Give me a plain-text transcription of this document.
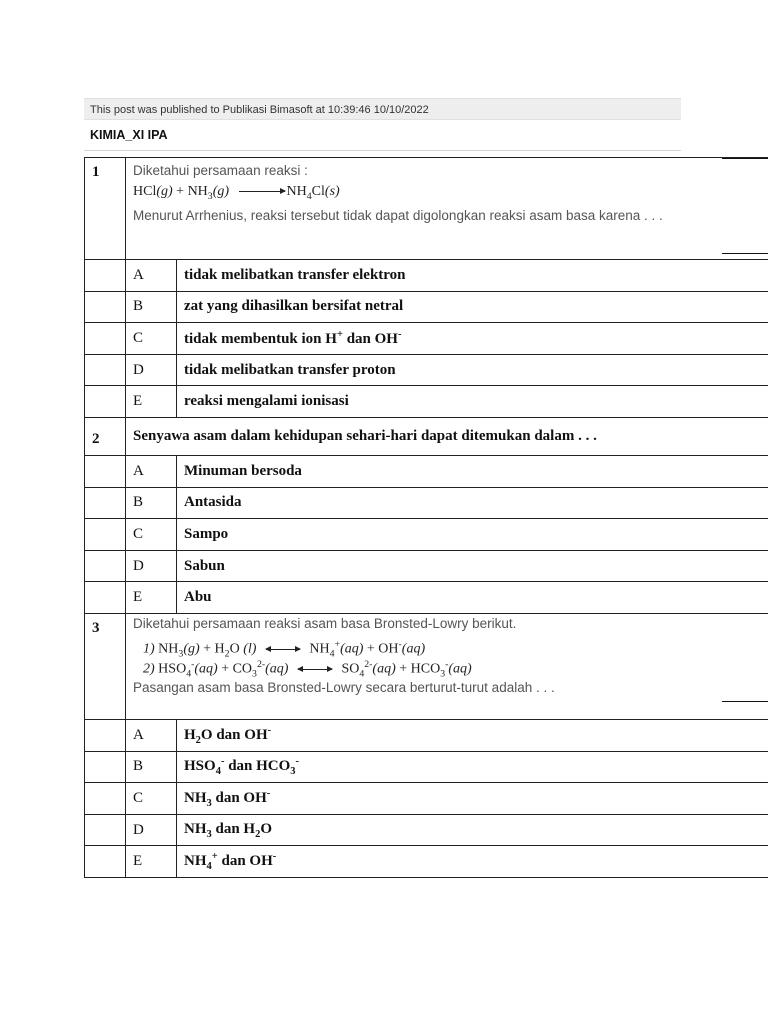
This post was published to Publikasi Bimasoft at 10:39:46 10/10/2022
KIMIA_XI IPA
1	Diketahui persamaan reaksi :
$HCl(g) + NH_3(g) \to NH_4Cl(s)$
Menurut Arrhenius, reaksi tersebut tidak dapat digolongkan reaksi asam basa karena . . .	

	A	tidak melibatkan transfer elektron
	B	zat yang dihasilkan bersifat netral
	C	tidak membentuk ion H+ dan OH-
	D	tidak melibatkan transfer proton
	E	reaksi mengalami ionisasi
2	Senyawa asam dalam kehidupan sehari-hari dapat ditemukan dalam . . .	
	A	Minuman bersoda
	B	Antasida
	C	Sampo
	D	Sabun
	E	Abu
3	Diketahui persamaan reaksi asam basa Bronsted-Lowry berikut.
1) $NH_3(g) + H_2O$ (l) $NH_4^+(aq) + OH^-(aq)$
2) $HSO_4^-(aq) + CO_3^{2-}(aq) SO_4^{2-}(aq) + HCO_3^-(aq)$
Pasangan asam basa Bronsted-Lowry secara berturut-turut adalah . . .	

	A	$H_2O$ dan OH-
	B	$HSO_4^-$ dan $HCO_3^-$
	C	$NH_3$ dan OH-
	D	$NH_3$ dan $H_2O$
	E	$NH_4^+$ dan OH-
